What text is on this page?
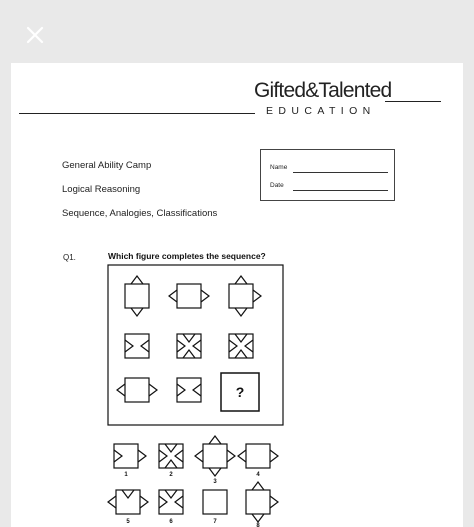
Gifted&Talented
EDUCATION
General Ability Camp
Logical Reasoning
Sequence, Analogies, Classifications
Name
Date
Q1.	Which figure completes the sequence?
?
1	2
3
4
5	6	7
8
